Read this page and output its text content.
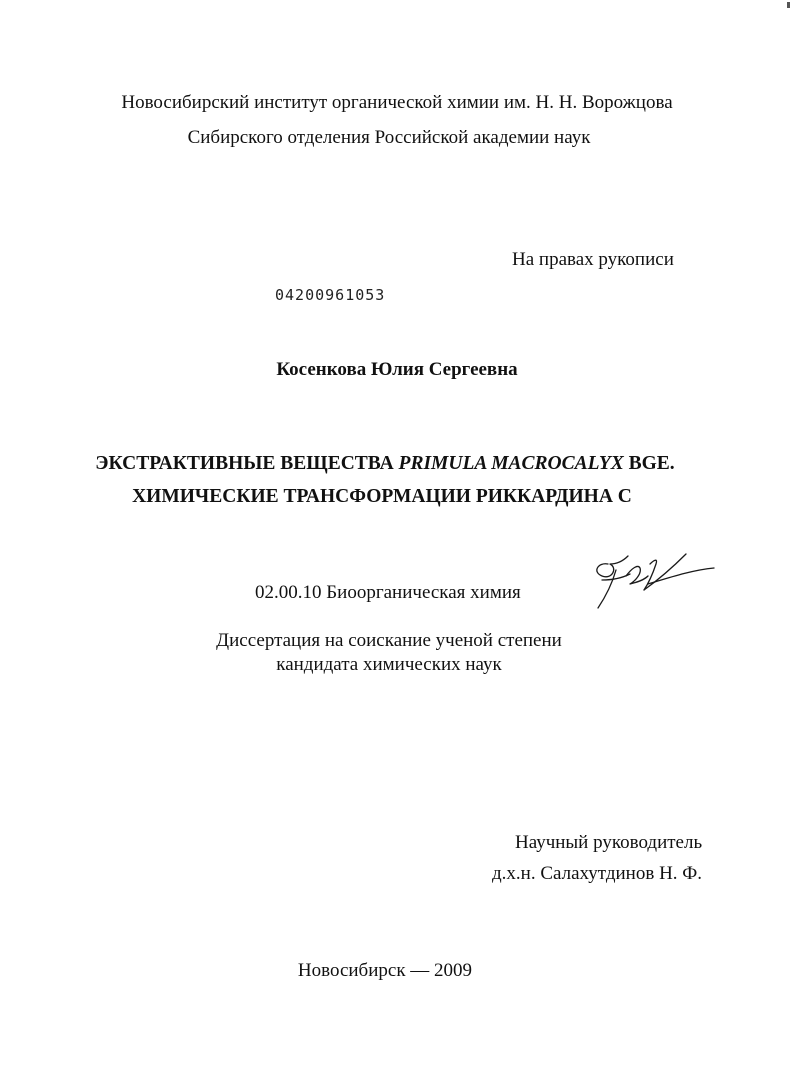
Новосибирский институт органической химии им. Н. Н. Ворожцова
Сибирского отделения Российской академии наук
На правах рукописи
04200961053
Косенкова Юлия Сергеевна
ЭКСТРАКТИВНЫЕ ВЕЩЕСТВА PRIMULA MACROCALYX BGE.
ХИМИЧЕСКИЕ ТРАНСФОРМАЦИИ РИККАРДИНА С
02.00.10 Биоорганическая химия
Диссертация на соискание ученой степени
кандидата химических наук
Научный руководитель
д.х.н. Салахутдинов Н. Ф.
Новосибирск — 2009
